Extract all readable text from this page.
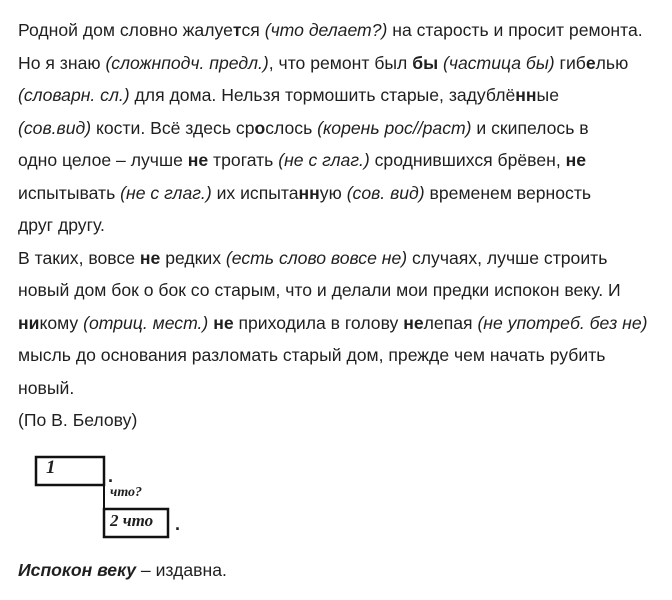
Родной дом словно жалуется (что делает?) на старость и просит ремонта.
Но я знаю (сложнподч. предл.), что ремонт был бы (частица бы) гибелью
(словарн. сл.) для дома. Нельзя тормошить старые, задублённые
(сов.вид) кости. Всё здесь срослось (корень рос//раст) и скипелось в
одно целое – лучше не трогать (не с глаг.) сроднившихся брёвен, не
испытывать (не с глаг.) их испытанную (сов. вид) временем верность
друг другу.
В таких, вовсе не редких (есть слово вовсе не) случаях, лучше строить
новый дом бок о бок со старым, что и делали мои предки испокон веку. И
никому (отриц. мест.) не приходила в голову нелепая (не употреб. без не)
мысль до основания разломать старый дом, прежде чем начать рубить
новый.
(По В. Белову)
1	.
что?
2 что .
Испокон веку – издавна.
